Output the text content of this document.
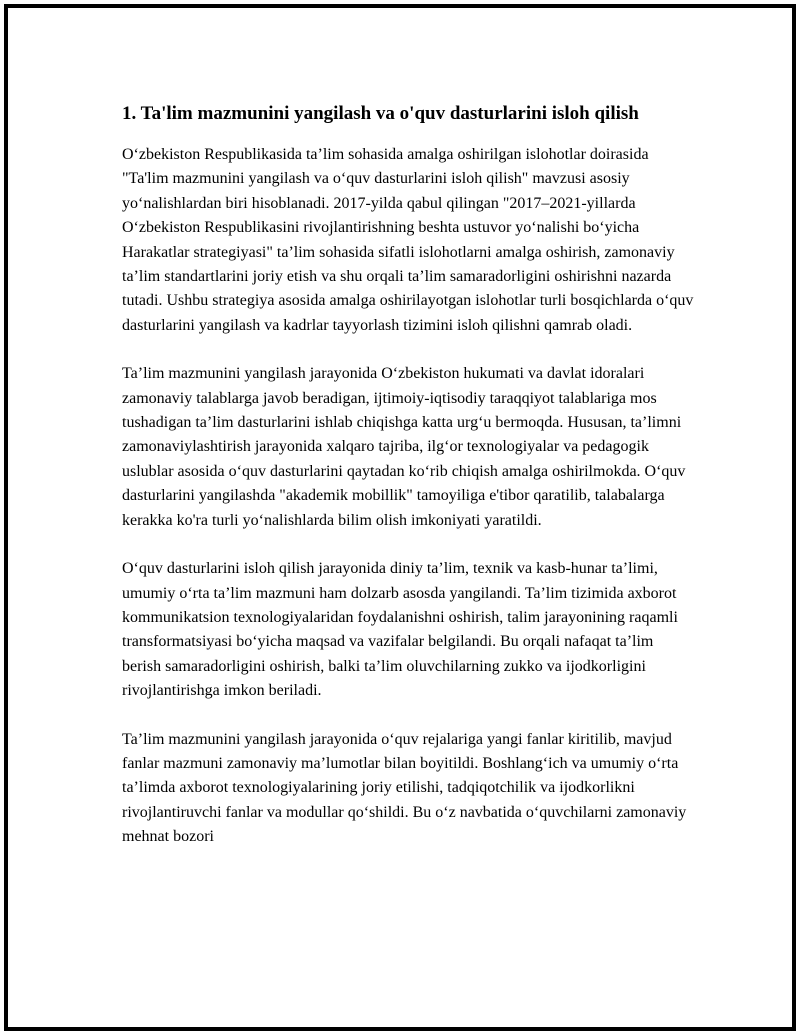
1. Ta'lim mazmunini yangilash va o'quv dasturlarini isloh qilish

O‘zbekiston Respublikasida ta’lim sohasida amalga oshirilgan islohotlar doirasida "Ta'lim mazmunini yangilash va o‘quv dasturlarini isloh qilish" mavzusi asosiy yo‘nalishlardan biri hisoblanadi. 2017-yilda qabul qilingan "2017–2021-yillarda O‘zbekiston Respublikasini rivojlantirishning beshta ustuvor yo‘nalishi bo‘yicha Harakatlar strategiyasi" ta’lim sohasida sifatli islohotlarni amalga oshirish, zamonaviy ta’lim standartlarini joriy etish va shu orqali ta’lim samaradorligini oshirishni nazarda tutadi. Ushbu strategiya asosida amalga oshirilayotgan islohotlar turli bosqichlarda o‘quv dasturlarini yangilash va kadrlar tayyorlash tizimini isloh qilishni qamrab oladi.

Ta’lim mazmunini yangilash jarayonida O‘zbekiston hukumati va davlat idoralari zamonaviy talablarga javob beradigan, ijtimoiy-iqtisodiy taraqqiyot talablariga mos tushadigan ta’lim dasturlarini ishlab chiqishga katta urg‘u bermoqda. Hususan, ta’limni zamonaviylashtirish jarayonida xalqaro tajriba, ilg‘or texnologiyalar va pedagogik uslublar asosida o‘quv dasturlarini qaytadan ko‘rib chiqish amalga oshirilmokda. O‘quv dasturlarini yangilashda "akademik mobillik" tamoyiliga e'tibor qaratilib, talabalarga kerakka ko'ra turli yo‘nalishlarda bilim olish imkoniyati yaratildi.

O‘quv dasturlarini isloh qilish jarayonida diniy ta’lim, texnik va kasb-hunar ta’limi, umumiy o‘rta ta’lim mazmuni ham dolzarb asosda yangilandi. Ta’lim tizimida axborot kommunikatsion texnologiyalaridan foydalanishni oshirish, talim jarayonining raqamli transformatsiyasi bo‘yicha maqsad va vazifalar belgilandi. Bu orqali nafaqat ta’lim berish samaradorligini oshirish, balki ta’lim oluvchilarning zukko va ijodkorligini rivojlantirishga imkon beriladi.

Ta’lim mazmunini yangilash jarayonida o‘quv rejalariga yangi fanlar kiritilib, mavjud fanlar mazmuni zamonaviy ma’lumotlar bilan boyitildi. Boshlang‘ich va umumiy o‘rta ta’limda axborot texnologiyalarining joriy etilishi, tadqiqotchilik va ijodkorlikni rivojlantiruvchi fanlar va modullar qo‘shildi. Bu o‘z navbatida o‘quvchilarni zamonaviy mehnat bozori
